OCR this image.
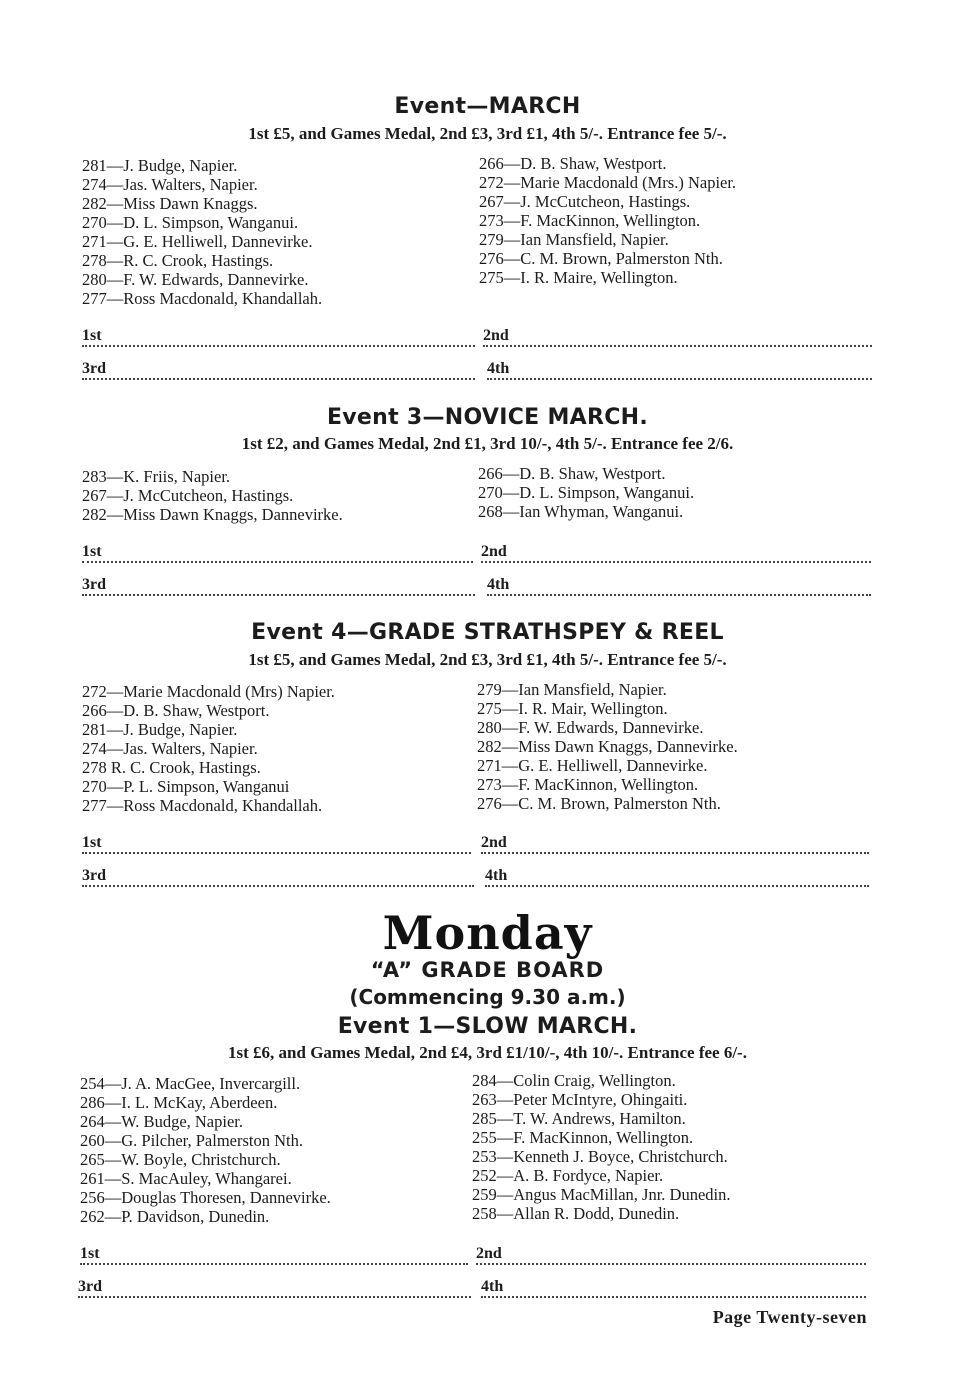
Event—MARCH
1st £5, and Games Medal, 2nd £3, 3rd £1, 4th 5/-. Entrance fee 5/-.
281—J. Budge, Napier.
274—Jas. Walters, Napier.
282—Miss Dawn Knaggs.
270—D. L. Simpson, Wanganui.
271—G. E. Helliwell, Dannevirke.
278—R. C. Crook, Hastings.
280—F. W. Edwards, Dannevirke.
277—Ross Macdonald, Khandallah.
266—D. B. Shaw, Westport.
272—Marie Macdonald (Mrs.) Napier.
267—J. McCutcheon, Hastings.
273—F. MacKinnon, Wellington.
279—Ian Mansfield, Napier.
276—C. M. Brown, Palmerston Nth.
275—I. R. Maire, Wellington.
1st	2nd
3rd	4th
Event 3—NOVICE MARCH.
1st £2, and Games Medal, 2nd £1, 3rd 10/-, 4th 5/-. Entrance fee 2/6.
283—K. Friis, Napier.
267—J. McCutcheon, Hastings.
282—Miss Dawn Knaggs, Dannevirke.
266—D. B. Shaw, Westport.
270—D. L. Simpson, Wanganui.
268—Ian Whyman, Wanganui.
1st	2nd
3rd	4th
Event 4—GRADE STRATHSPEY & REEL
1st £5, and Games Medal, 2nd £3, 3rd £1, 4th 5/-. Entrance fee 5/-.
272—Marie Macdonald (Mrs) Napier.
266—D. B. Shaw, Westport.
281—J. Budge, Napier.
274—Jas. Walters, Napier.
278 R. C. Crook, Hastings.
270—P. L. Simpson, Wanganui
277—Ross Macdonald, Khandallah.
279—Ian Mansfield, Napier.
275—I. R. Mair, Wellington.
280—F. W. Edwards, Dannevirke.
282—Miss Dawn Knaggs, Dannevirke.
271—G. E. Helliwell, Dannevirke.
273—F. MacKinnon, Wellington.
276—C. M. Brown, Palmerston Nth.
1st	2nd
3rd	4th
Monday
“A” GRADE BOARD
(Commencing 9.30 a.m.)
Event 1—SLOW MARCH.
1st £6, and Games Medal, 2nd £4, 3rd £1/10/-, 4th 10/-. Entrance fee 6/-.
254—J. A. MacGee, Invercargill.
286—I. L. McKay, Aberdeen.
264—W. Budge, Napier.
260—G. Pilcher, Palmerston Nth.
265—W. Boyle, Christchurch.
261—S. MacAuley, Whangarei.
256—Douglas Thoresen, Dannevirke.
262—P. Davidson, Dunedin.
284—Colin Craig, Wellington.
263—Peter McIntyre, Ohingaiti.
285—T. W. Andrews, Hamilton.
255—F. MacKinnon, Wellington.
253—Kenneth J. Boyce, Christchurch.
252—A. B. Fordyce, Napier.
259—Angus MacMillan, Jnr. Dunedin.
258—Allan R. Dodd, Dunedin.
1st	2nd
3rd	4th
Page Twenty-seven
